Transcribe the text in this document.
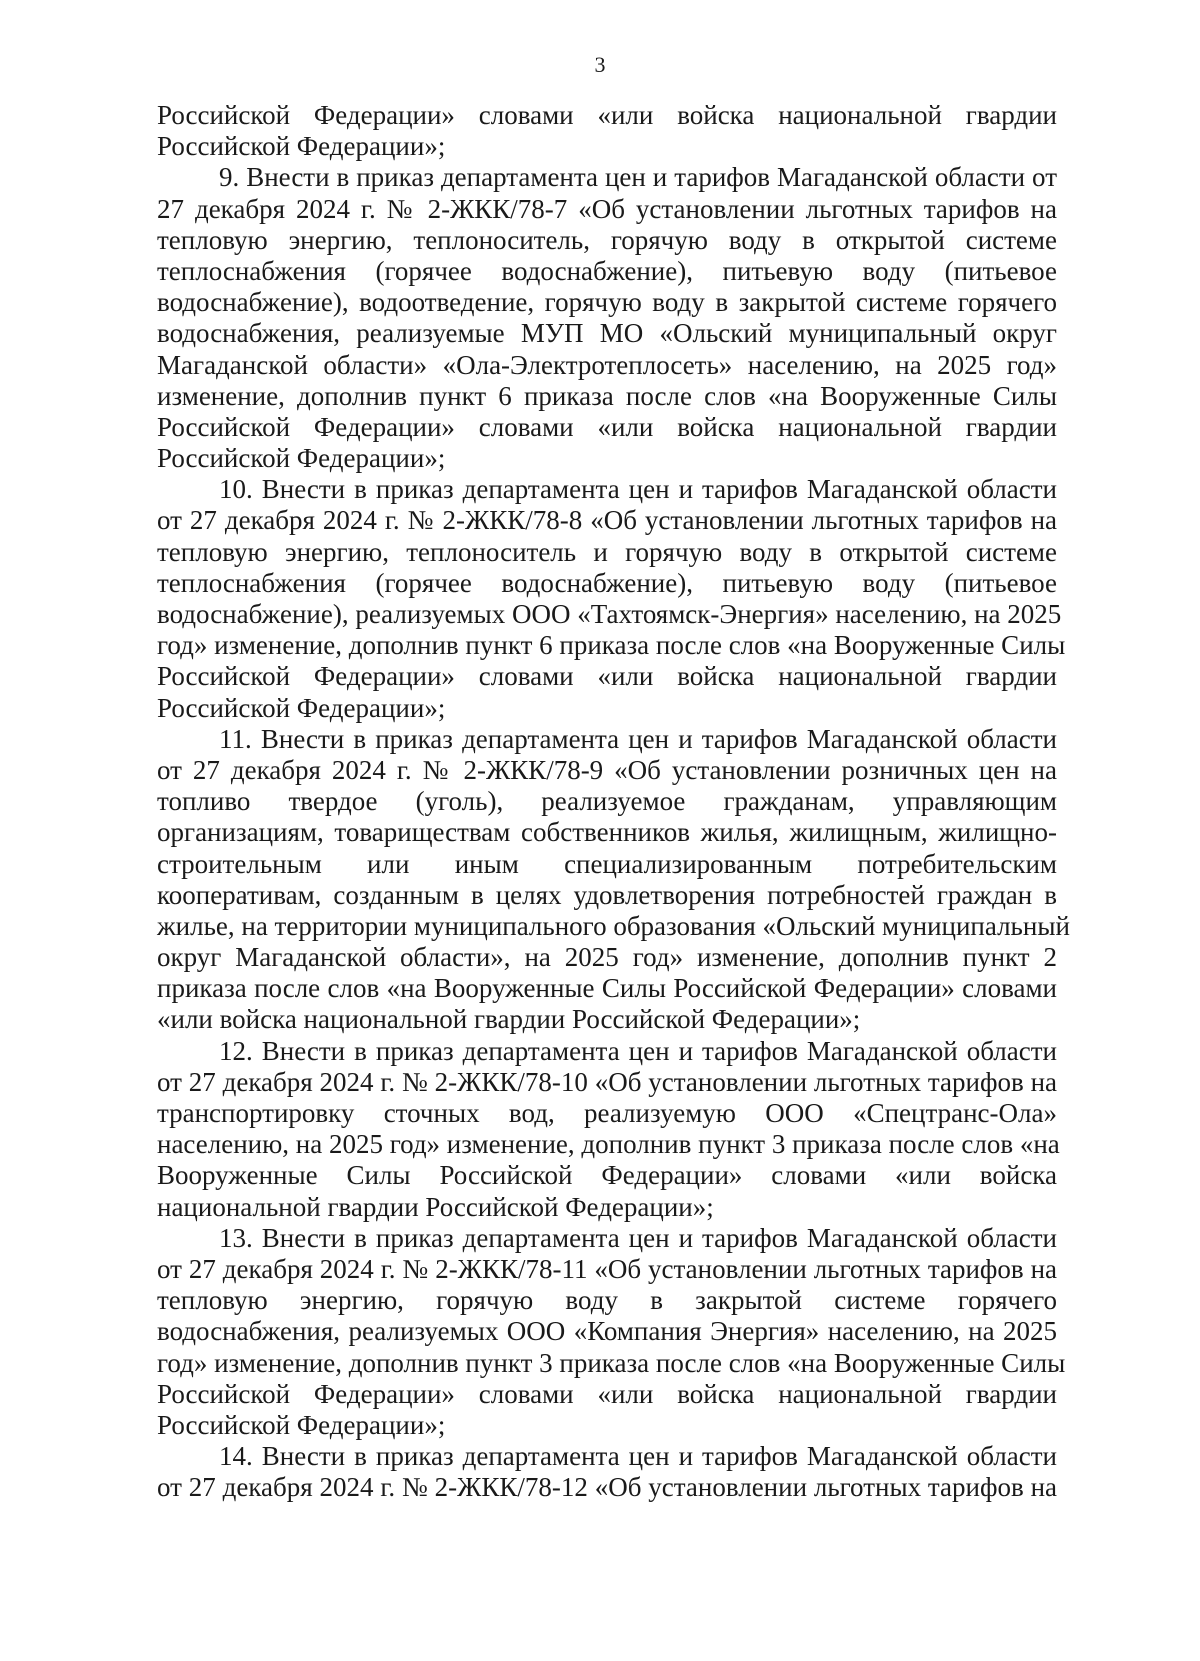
3
Российской Федерации» словами «или войска национальной гвардии
Российской Федерации»;
9. Внести в приказ департамента цен и тарифов Магаданской области от
27 декабря 2024 г. № 2-ЖКК/78-7 «Об установлении льготных тарифов на
тепловую энергию, теплоноситель, горячую воду в открытой системе
теплоснабжения (горячее водоснабжение), питьевую воду (питьевое
водоснабжение), водоотведение, горячую воду в закрытой системе горячего
водоснабжения, реализуемые МУП МО «Ольский муниципальный округ
Магаданской области» «Ола-Электротеплосеть» населению, на 2025 год»
изменение, дополнив пункт 6 приказа после слов «на Вооруженные Силы
Российской Федерации» словами «или войска национальной гвардии
Российской Федерации»;
10. Внести в приказ департамента цен и тарифов Магаданской области
от 27 декабря 2024 г. № 2-ЖКК/78-8 «Об установлении льготных тарифов на
тепловую энергию, теплоноситель и горячую воду в открытой системе
теплоснабжения (горячее водоснабжение), питьевую воду (питьевое
водоснабжение), реализуемых ООО «Тахтоямск-Энергия» населению, на 2025
год» изменение, дополнив пункт 6 приказа после слов «на Вооруженные Силы
Российской Федерации» словами «или войска национальной гвардии
Российской Федерации»;
11. Внести в приказ департамента цен и тарифов Магаданской области
от 27 декабря 2024 г. № 2-ЖКК/78-9 «Об установлении розничных цен на
топливо твердое (уголь), реализуемое гражданам, управляющим
организациям, товариществам собственников жилья, жилищным, жилищно-
строительным или иным специализированным потребительским
кооперативам, созданным в целях удовлетворения потребностей граждан в
жилье, на территории муниципального образования «Ольский муниципальный
округ Магаданской области», на 2025 год» изменение, дополнив пункт 2
приказа после слов «на Вооруженные Силы Российской Федерации» словами
«или войска национальной гвардии Российской Федерации»;
12. Внести в приказ департамента цен и тарифов Магаданской области
от 27 декабря 2024 г. № 2-ЖКК/78-10 «Об установлении льготных тарифов на
транспортировку сточных вод, реализуемую ООО «Спецтранс-Ола»
населению, на 2025 год» изменение, дополнив пункт 3 приказа после слов «на
Вооруженные Силы Российской Федерации» словами «или войска
национальной гвардии Российской Федерации»;
13. Внести в приказ департамента цен и тарифов Магаданской области
от 27 декабря 2024 г. № 2-ЖКК/78-11 «Об установлении льготных тарифов на
тепловую энергию, горячую воду в закрытой системе горячего
водоснабжения, реализуемых ООО «Компания Энергия» населению, на 2025
год» изменение, дополнив пункт 3 приказа после слов «на Вооруженные Силы
Российской Федерации» словами «или войска национальной гвардии
Российской Федерации»;
14. Внести в приказ департамента цен и тарифов Магаданской области
от 27 декабря 2024 г. № 2-ЖКК/78-12 «Об установлении льготных тарифов на
